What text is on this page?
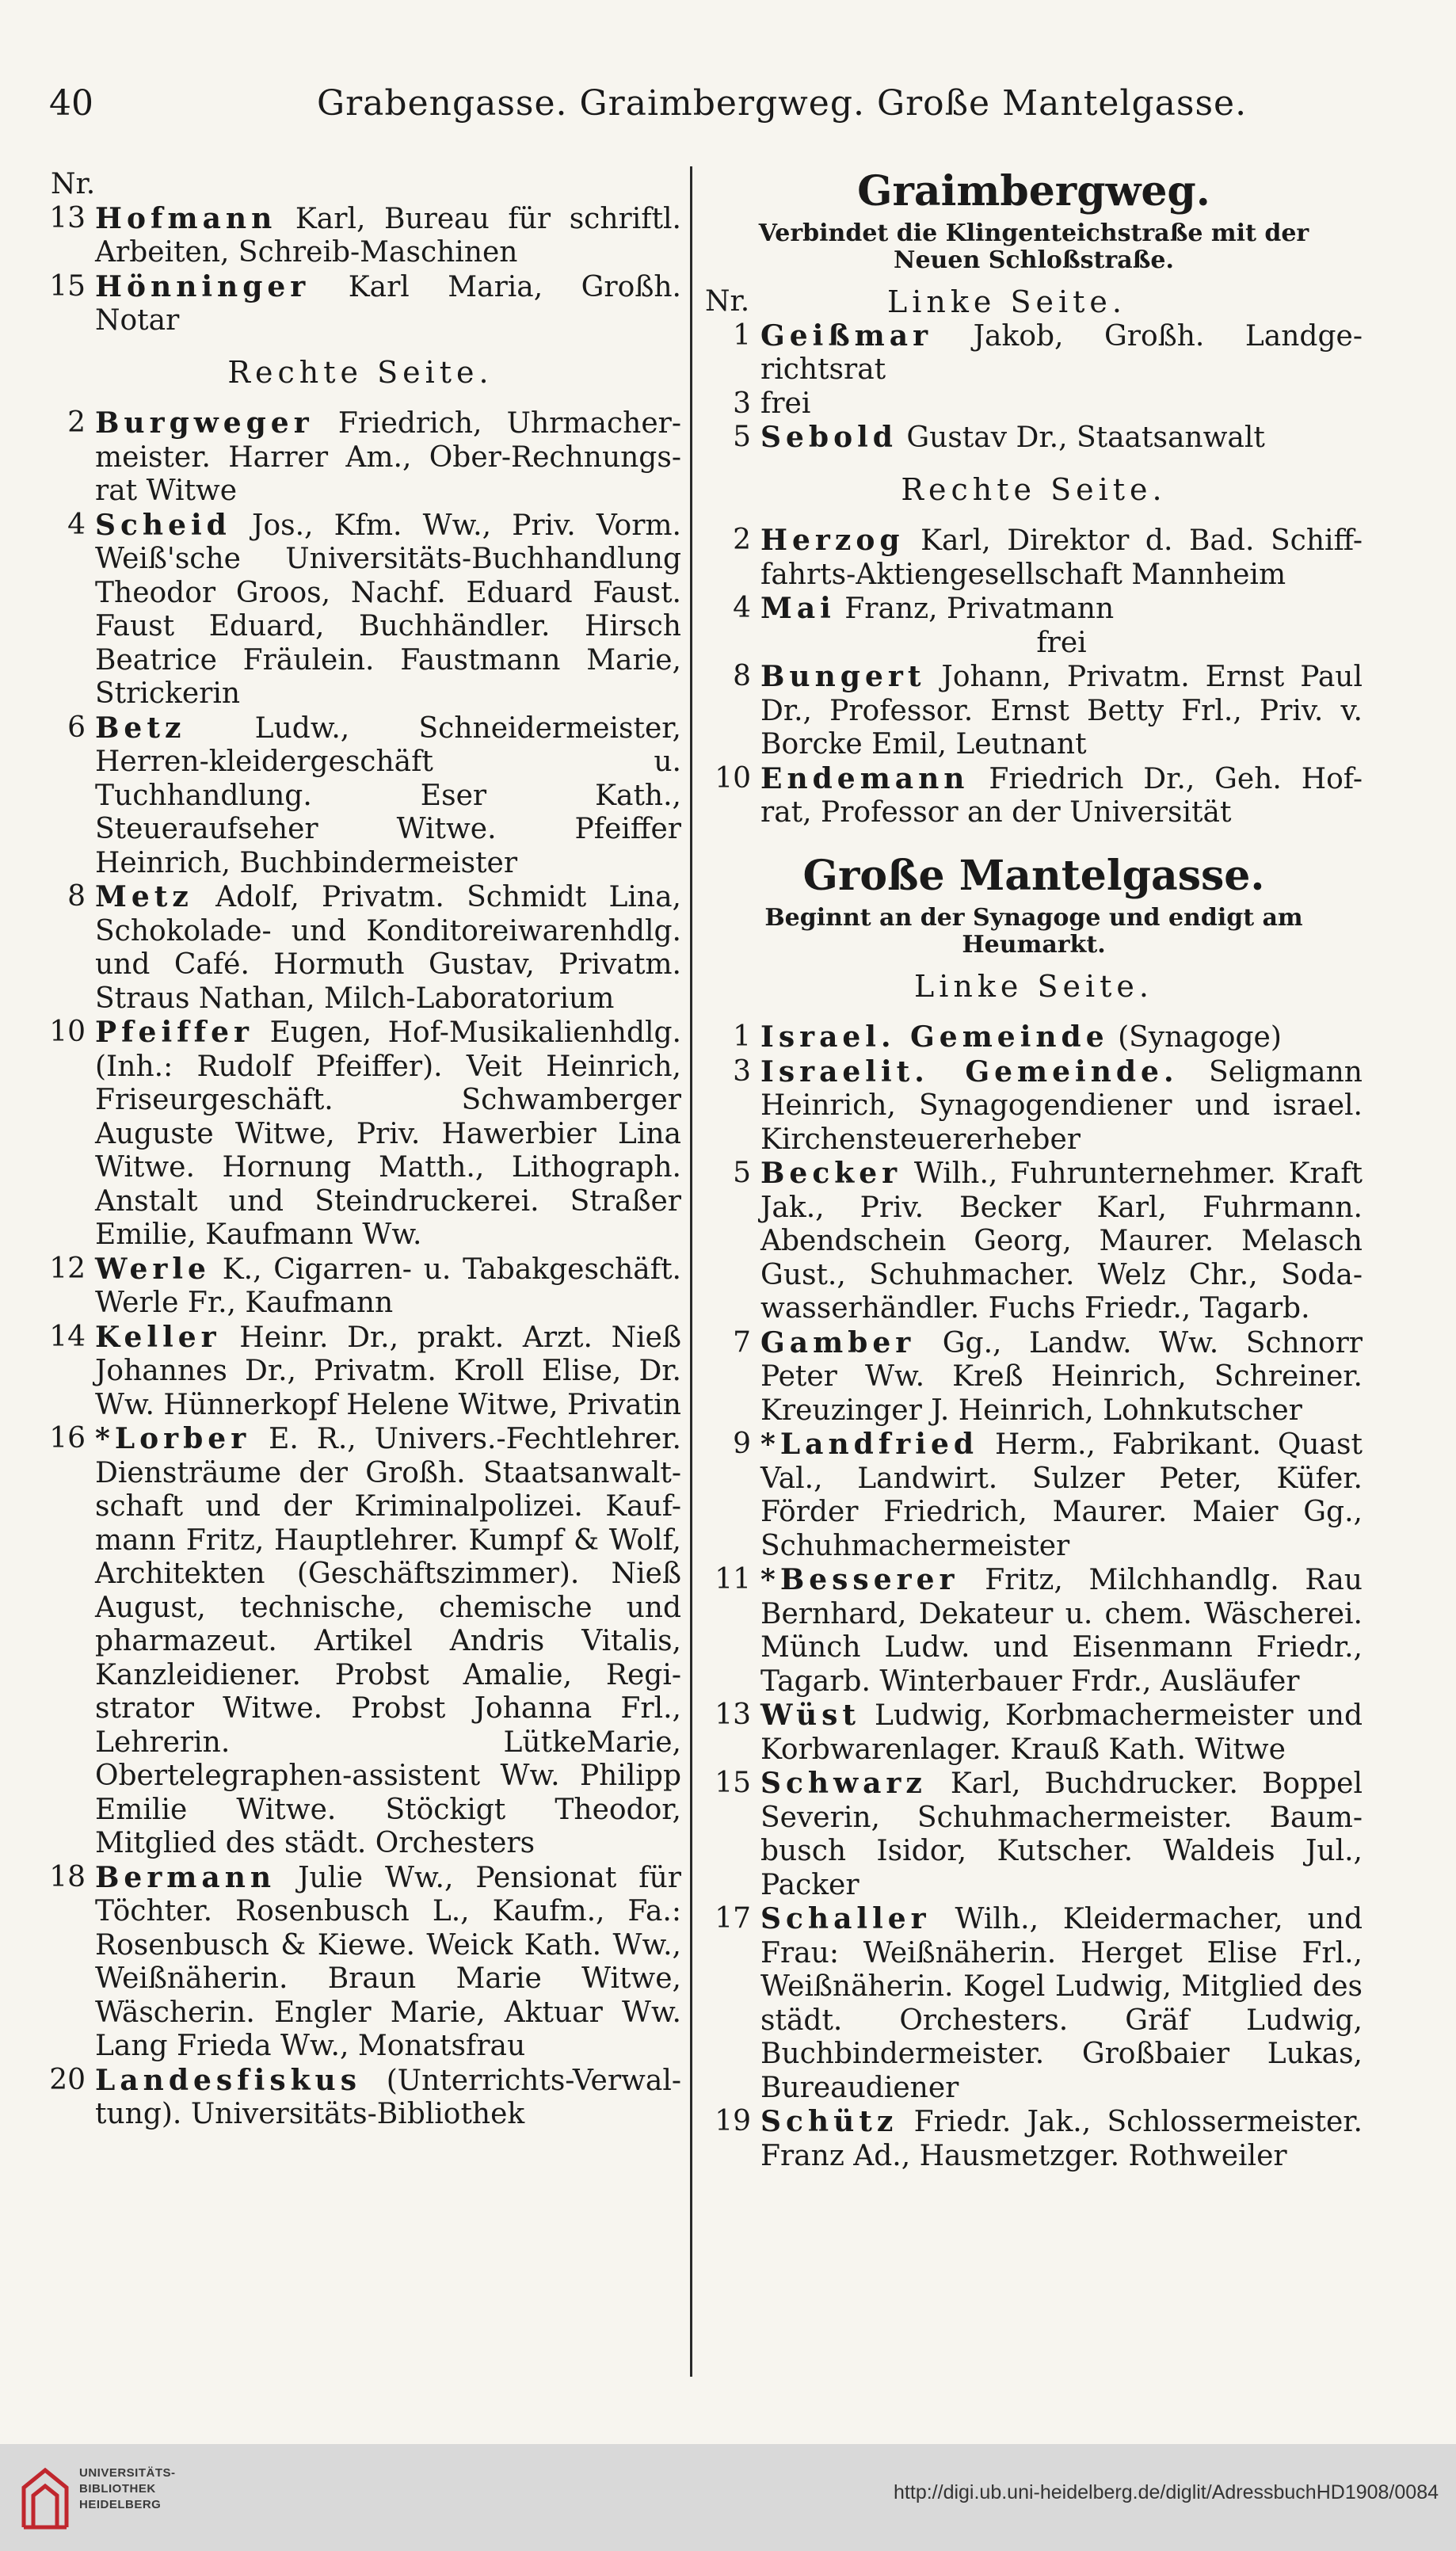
40	Grabengasse. Graimbergweg. Große Mantelgasse.
Nr.
13 Hofmann Karl, Bureau für schriftl. Arbeiten, Schreib-Maschinen
15 Hönninger Karl Maria, Großh. Notar
Rechte Seite.
2 Burgweger Friedrich, Uhrmacher-meister. Harrer Am., Ober-Rechnungs-rat Witwe
4 Scheid Jos., Kfm. Ww., Priv. Vorm. Weiß'sche Universitäts-Buchhandlung Theodor Groos, Nachf. Eduard Faust. Faust Eduard, Buchhändler. Hirsch Beatrice Fräulein. Faustmann Marie, Strickerin
6 Betz Ludw., Schneidermeister, Herren-kleidergeschäft u. Tuchhandlung. Eser Kath., Steueraufseher Witwe. Pfeiffer Heinrich, Buchbindermeister
8 Metz Adolf, Privatm. Schmidt Lina, Schokolade- und Konditoreiwarenhdlg. und Café. Hormuth Gustav, Privatm. Straus Nathan, Milch-Laboratorium
10 Pfeiffer Eugen, Hof-Musikalienhdlg. (Inh.: Rudolf Pfeiffer). Veit Heinrich, Friseurgeschäft. Schwamberger Auguste Witwe, Priv. Hawerbier Lina Witwe. Hornung Matth., Lithograph. Anstalt und Steindruckerei. Straßer Emilie, Kaufmann Ww.
12 Werle K., Cigarren- u. Tabakgeschäft. Werle Fr., Kaufmann
14 Keller Heinr. Dr., prakt. Arzt. Nieß Johannes Dr., Privatm. Kroll Elise, Dr. Ww. Hünnerkopf Helene Witwe, Privatin
16 *Lorber E. R., Univers.-Fechtlehrer. Diensträume der Großh. Staatsanwalt-schaft und der Kriminalpolizei. Kauf-mann Fritz, Hauptlehrer. Kumpf & Wolf, Architekten (Geschäftszimmer). Nieß August, technische, chemische und pharmazeut. Artikel Andris Vitalis, Kanzleidiener. Probst Amalie, Regi-strator Witwe. Probst Johanna Frl., Lehrerin. LütkeMarie, Obertelegraphen-assistent Ww. Philipp Emilie Witwe. Stöckigt Theodor, Mitglied des städt. Orchesters
18 Bermann Julie Ww., Pensionat für Töchter. Rosenbusch L., Kaufm., Fa.: Rosenbusch & Kiewe. Weick Kath. Ww., Weißnäherin. Braun Marie Witwe, Wäscherin. Engler Marie, Aktuar Ww. Lang Frieda Ww., Monatsfrau
20 Landesfiskus (Unterrichts-Verwal-tung). Universitäts-Bibliothek
Graimbergweg.
Verbindet die Klingenteichstraße mit der Neuen Schloßstraße.
Nr.	Linke Seite.
1 Geißmar Jakob, Großh. Landge-richtsrat
3 frei
5 Sebold Gustav Dr., Staatsanwalt
Rechte Seite.
2 Herzog Karl, Direktor d. Bad. Schiff-fahrts-Aktiengesellschaft Mannheim
4 Mai Franz, Privatmann
frei
8 Bungert Johann, Privatm. Ernst Paul Dr., Professor. Ernst Betty Frl., Priv. v. Borcke Emil, Leutnant
10 Endemann Friedrich Dr., Geh. Hof-rat, Professor an der Universität
Große Mantelgasse.
Beginnt an der Synagoge und endigt am Heumarkt.
Linke Seite.
1 Israel. Gemeinde (Synagoge)
3 Israelit. Gemeinde. Seligmann Heinrich, Synagogendiener und israel. Kirchensteuererheber
5 Becker Wilh., Fuhrunternehmer. Kraft Jak., Priv. Becker Karl, Fuhrmann. Abendschein Georg, Maurer. Melasch Gust., Schuhmacher. Welz Chr., Soda-wasserhändler. Fuchs Friedr., Tagarb.
7 Gamber Gg., Landw. Ww. Schnorr Peter Ww. Kreß Heinrich, Schreiner. Kreuzinger J. Heinrich, Lohnkutscher
9 *Landfried Herm., Fabrikant. Quast Val., Landwirt. Sulzer Peter, Küfer. Förder Friedrich, Maurer. Maier Gg., Schuhmachermeister
11 *Besserer Fritz, Milchhandlg. Rau Bernhard, Dekateur u. chem. Wäscherei. Münch Ludw. und Eisenmann Friedr., Tagarb. Winterbauer Frdr., Ausläufer
13 Wüst Ludwig, Korbmachermeister und Korbwarenlager. Krauß Kath. Witwe
15 Schwarz Karl, Buchdrucker. Boppel Severin, Schuhmachermeister. Baum-busch Isidor, Kutscher. Waldeis Jul., Packer
17 Schaller Wilh., Kleidermacher, und Frau: Weißnäherin. Herget Elise Frl., Weißnäherin. Kogel Ludwig, Mitglied des städt. Orchesters. Gräf Ludwig, Buchbindermeister. Großbaier Lukas, Bureaudiener
19 Schütz Friedr. Jak., Schlossermeister. Franz Ad., Hausmetzger. Rothweiler
UNIVERSITÄTS-
BIBLIOTHEK
HEIDELBERG
http://digi.ub.uni-heidelberg.de/diglit/AdressbuchHD1908/0084
